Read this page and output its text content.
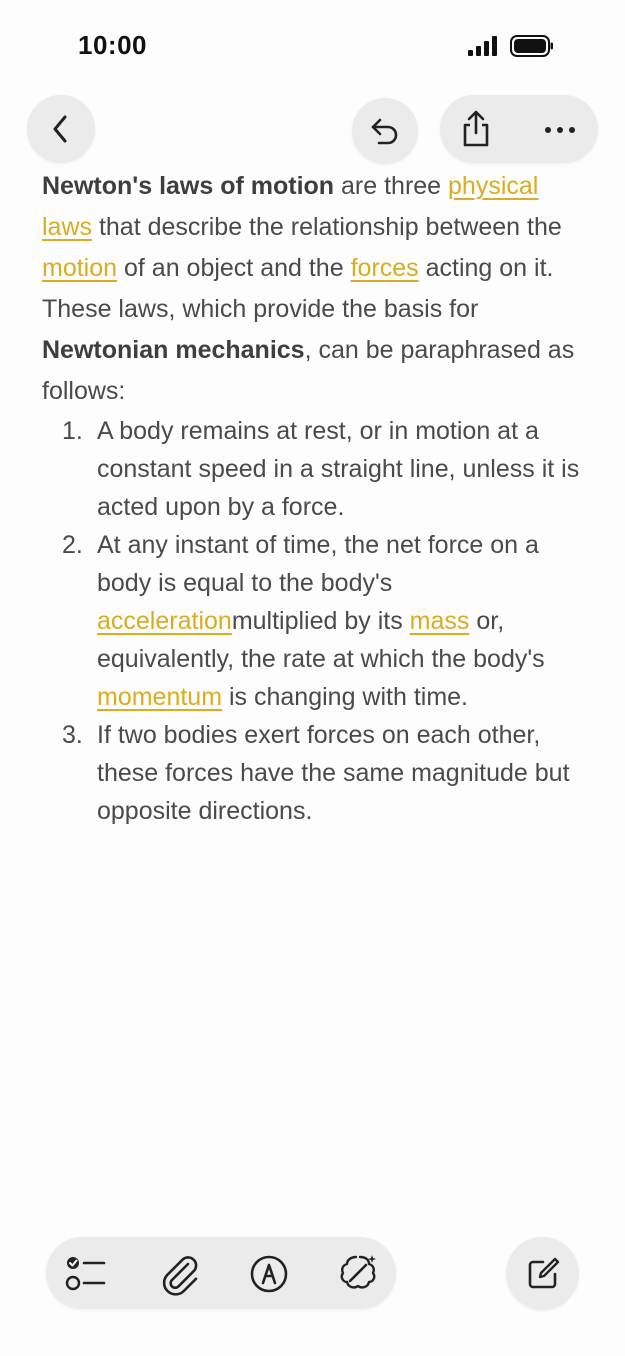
10:00

Newton's laws of motion are three physical laws that describe the relationship between the motion of an object and the forces acting on it. These laws, which provide the basis for Newtonian mechanics, can be paraphrased as follows:

1. A body remains at rest, or in motion at a constant speed in a straight line, unless it is acted upon by a force.
2. At any instant of time, the net force on a body is equal to the body's accelerationmultiplied by its mass or, equivalently, the rate at which the body's momentum is changing with time.
3. If two bodies exert forces on each other, these forces have the same magnitude but opposite directions.
